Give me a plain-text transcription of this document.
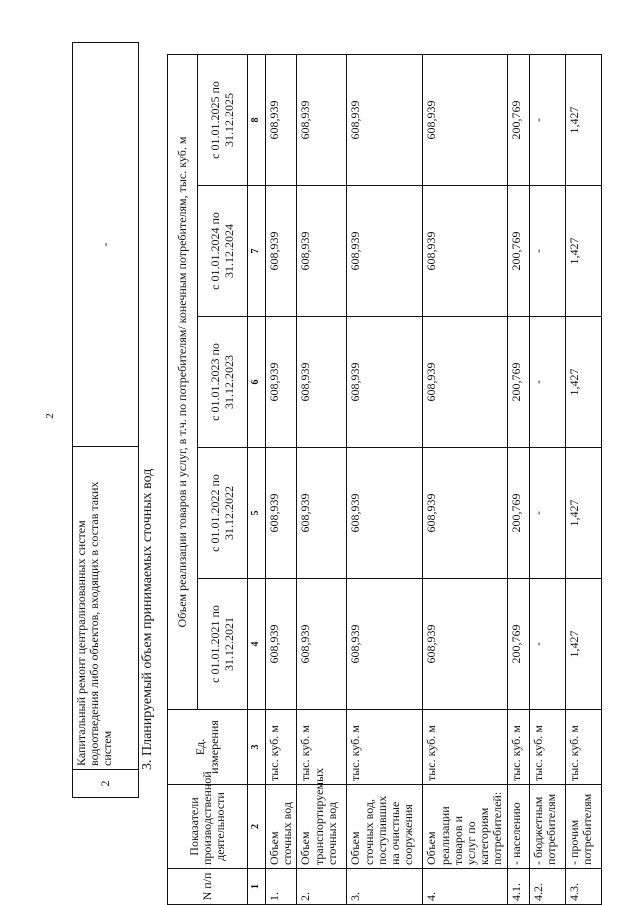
2
2	Капитальный ремонт централизованных систем водоотведения либо объектов, входящих в состав таких систем	-
3. Планируемый объем принимаемых сточных вод
N п/п	Показатели производственной деятельности	Ед. измерения	Объем реализации товаров и услуг, в т.ч. по потребителям/ конечным потребителям, тыс. куб. м				
			с 01.01.2021 по 31.12.2021	с 01.01.2022 по 31.12.2022	с 01.01.2023 по 31.12.2023	с 01.01.2024 по 31.12.2024	с 01.01.2025 по 31.12.2025
1	2	3	4	5	6	7	8
1.	Объем сточных вод	тыс. куб. м	608,939	608,939	608,939	608,939	608,939
2.	Объем транспортируемых сточных вод	тыс. куб. м	608,939	608,939	608,939	608,939	608,939
3.	Объем сточных вод, поступивших на очистные сооружения	тыс. куб. м	608,939	608,939	608,939	608,939	608,939
4.	Объем реализации товаров и услуг по категориям потребителей:	тыс. куб. м	608,939	608,939	608,939	608,939	608,939
4.1.	- населению	тыс. куб. м	200,769	200,769	200,769	200,769	200,769
4.2.	- бюджетным потребителям	тыс. куб. м	-	-	-	-	-
4.3.	- прочим потребителям	тыс. куб. м	1,427	1,427	1,427	1,427	1,427
